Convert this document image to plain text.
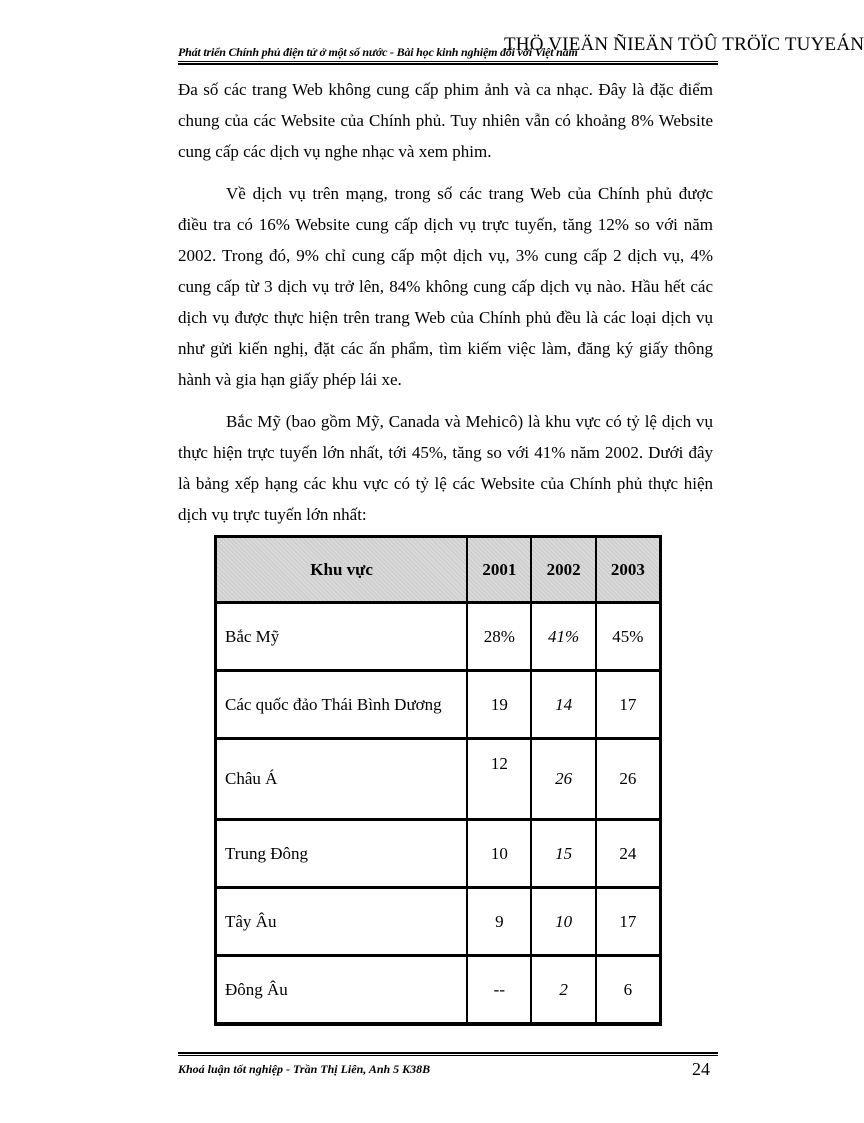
Phát triển Chính phủ điện tử ở một số nước - Bài học kinh nghiệm đối với Việt nam
THÖ VIEÄN ÑIEÄN TÖÛ TRÖÏC TUYEÁN

Đa số các trang Web không cung cấp phim ảnh và ca nhạc. Đây là đặc điểm chung của các Website của Chính phủ. Tuy nhiên vẫn có khoảng 8% Website cung cấp các dịch vụ nghe nhạc và xem phim.

Về dịch vụ trên mạng, trong số các trang Web của Chính phủ được điều tra có 16% Website cung cấp dịch vụ trực tuyến, tăng 12% so với năm 2002. Trong đó, 9% chỉ cung cấp một dịch vụ, 3% cung cấp 2 dịch vụ, 4% cung cấp từ 3 dịch vụ trở lên, 84% không cung cấp dịch vụ nào. Hầu hết các dịch vụ được thực hiện trên trang Web của Chính phủ đều là các loại dịch vụ như gửi kiến nghị, đặt các ấn phẩm, tìm kiếm việc làm, đăng ký giấy thông hành và gia hạn giấy phép lái xe.

Bắc Mỹ (bao gồm Mỹ, Canada và Mehicô) là khu vực có tỷ lệ dịch vụ thực hiện trực tuyến lớn nhất, tới 45%, tăng so với 41% năm 2002. Dưới đây là bảng xếp hạng các khu vực có tỷ lệ các Website của Chính phủ thực hiện dịch vụ trực tuyến lớn nhất:

Khu vực	2001	2002	2003
Bắc Mỹ	28%	41%	45%
Các quốc đảo Thái Bình Dương	19	14	17
Châu Á	12	26	26
Trung Đông	10	15	24
Tây Âu	9	10	17
Đông Âu	--	2	6
Khoá luận tốt nghiệp - Trần Thị Liên, Anh 5 K38B	24
